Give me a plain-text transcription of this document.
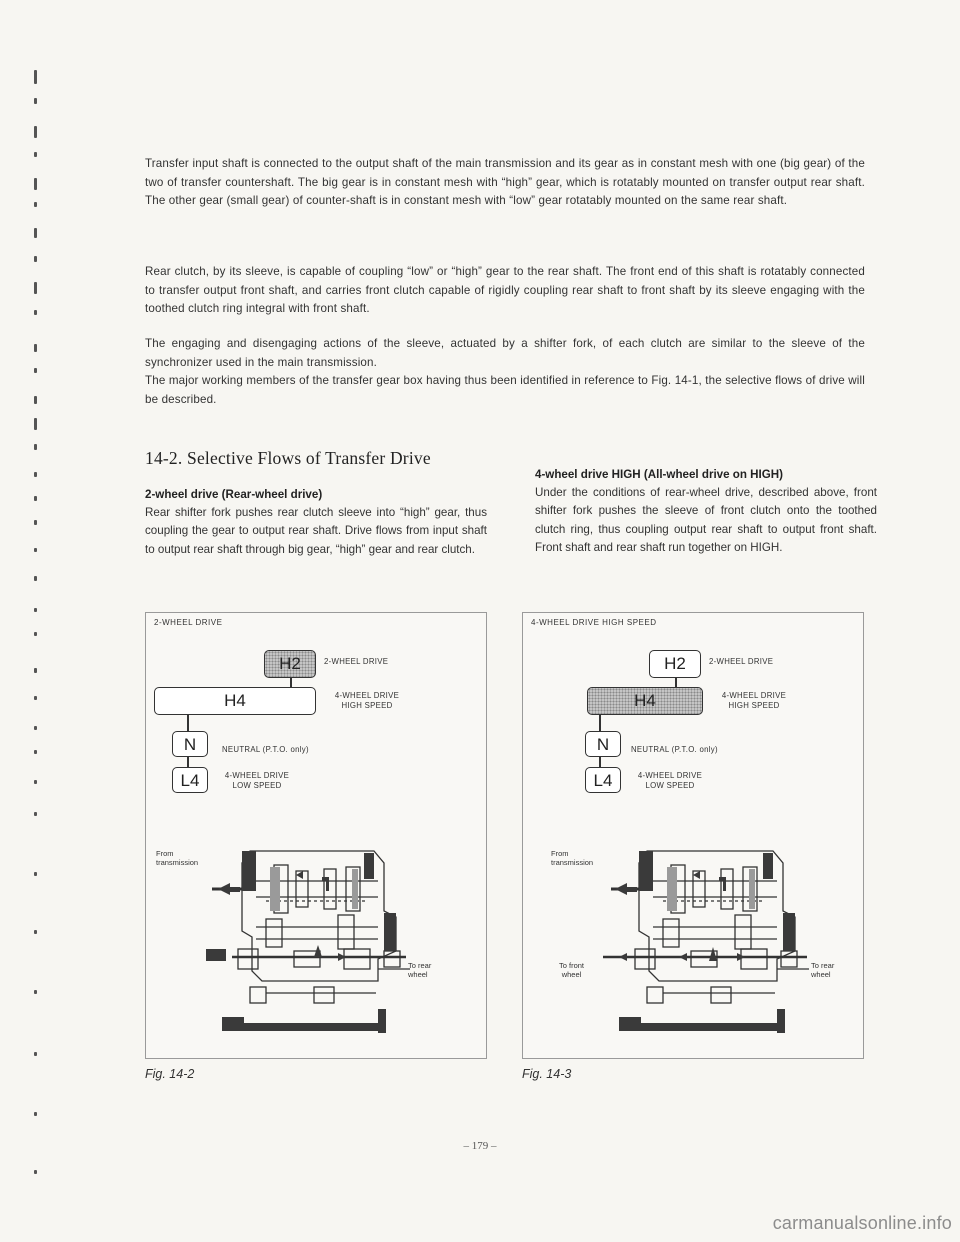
Transfer input shaft is connected to the output shaft of the main transmission and its gear as in constant mesh with one (big gear) of the two of transfer countershaft. The big gear is in constant mesh with “high” gear, which is rotatably mounted on transfer output rear shaft. The other gear (small gear) of counter-shaft is in constant mesh with “low” gear rotatably mounted on the same rear shaft.

Rear clutch, by its sleeve, is capable of coupling “low” or “high” gear to the rear shaft. The front end of this shaft is rotatably connected to transfer output front shaft, and carries front clutch capable of rigidly coupling rear shaft to front shaft by its sleeve engaging with the toothed clutch ring integral with front shaft.

The engaging and disengaging actions of the sleeve, actuated by a shifter fork, of each clutch are similar to the sleeve of the synchronizer used in the main transmission.

The major working members of the transfer gear box having thus been identified in reference to Fig. 14-1, the selective flows of drive will be described.

14-2. Selective Flows of Transfer Drive
2-wheel drive (Rear-wheel drive)

Rear shifter fork pushes rear clutch sleeve into “high” gear, thus coupling the gear to output rear shaft. Drive flows from input shaft to output rear shaft through big gear, “high” gear and rear clutch.

4-wheel drive HIGH (All-wheel drive on HIGH)

Under the conditions of rear-wheel drive, described above, front shifter fork pushes the sleeve of front clutch onto the toothed clutch ring, thus coupling output rear shaft to output front shaft. Front shaft and rear shaft run together on HIGH.

2-WHEEL DRIVE
H2	2-WHEEL DRIVE
H4	4-WHEEL DRIVE
HIGH SPEED
N	NEUTRAL (P.T.O. only)
L4	4-WHEEL DRIVE
LOW SPEED
From
transmission
To rear
wheel
4-WHEEL DRIVE HIGH SPEED
H2	2-WHEEL DRIVE
H4	4-WHEEL DRIVE
HIGH SPEED
N	NEUTRAL (P.T.O. only)
L4	4-WHEEL DRIVE
LOW SPEED
From
transmission
To front
wheel
To rear
wheel
Fig. 14-2	Fig. 14-3
– 179 –
carmanualsonline.info
